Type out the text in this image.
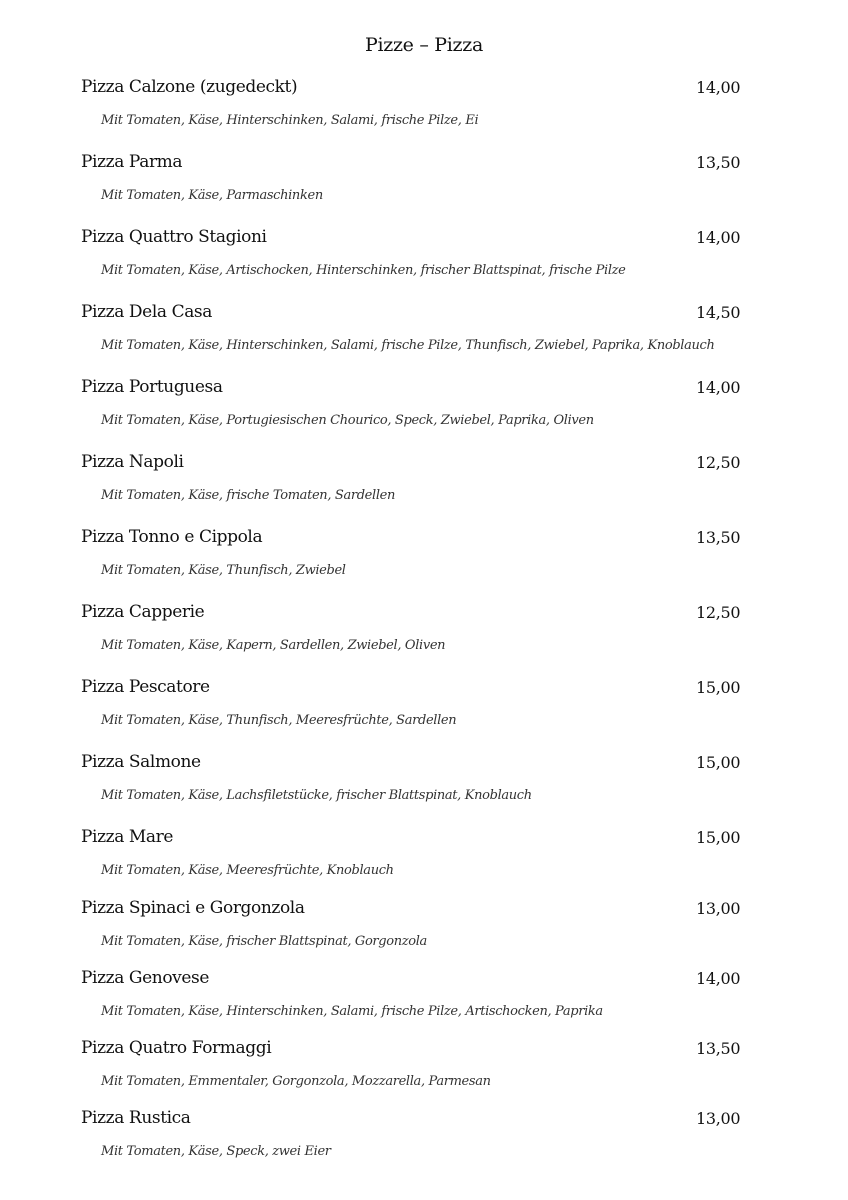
Pizze – Pizza
Pizza Calzone (zugedeckt)	14,00
Mit Tomaten, Käse, Hinterschinken, Salami, frische Pilze, Ei
Pizza Parma	13,50
Mit Tomaten, Käse, Parmaschinken
Pizza Quattro Stagioni	14,00
Mit Tomaten, Käse, Artischocken, Hinterschinken, frischer Blattspinat, frische Pilze
Pizza Dela Casa	14,50
Mit Tomaten, Käse, Hinterschinken, Salami, frische Pilze, Thunfisch, Zwiebel, Paprika, Knoblauch
Pizza Portuguesa	14,00
Mit Tomaten, Käse, Portugiesischen Chourico, Speck, Zwiebel, Paprika, Oliven
Pizza Napoli	12,50
Mit Tomaten, Käse, frische Tomaten, Sardellen
Pizza Tonno e Cippola	13,50
Mit Tomaten, Käse, Thunfisch, Zwiebel
Pizza Capperie	12,50
Mit Tomaten, Käse, Kapern, Sardellen, Zwiebel, Oliven
Pizza Pescatore	15,00
Mit Tomaten, Käse, Thunfisch, Meeresfrüchte, Sardellen
Pizza Salmone	15,00
Mit Tomaten, Käse, Lachsfiletstücke, frischer Blattspinat, Knoblauch
Pizza Mare	15,00
Mit Tomaten, Käse, Meeresfrüchte, Knoblauch
Pizza Spinaci e Gorgonzola	13,00
Mit Tomaten, Käse, frischer Blattspinat, Gorgonzola
Pizza Genovese	14,00
Mit Tomaten, Käse, Hinterschinken, Salami, frische Pilze, Artischocken, Paprika
Pizza Quatro Formaggi	13,50
Mit Tomaten, Emmentaler, Gorgonzola, Mozzarella, Parmesan
Pizza Rustica	13,00
Mit Tomaten, Käse, Speck, zwei Eier
